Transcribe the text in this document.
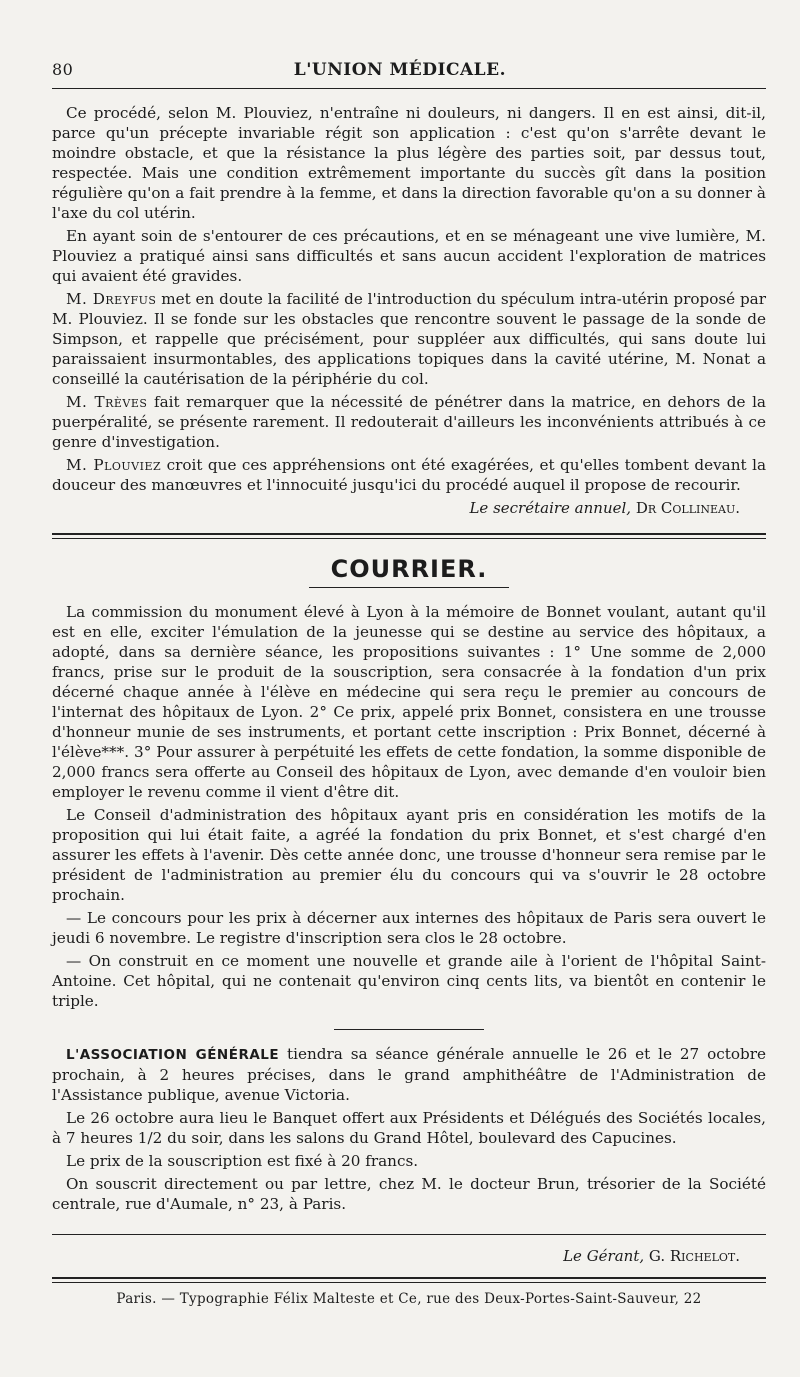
80	L'UNION MÉDICALE.

Ce procédé, selon M. Plouviez, n'entraîne ni douleurs, ni dangers. Il en est ainsi, dit-il, parce qu'un précepte invariable régit son application : c'est qu'on s'arrête devant le moindre obstacle, et que la résistance la plus légère des parties soit, par dessus tout, respectée. Mais une condition extrêmement importante du succès gît dans la position régulière qu'on a fait prendre à la femme, et dans la direction favorable qu'on a su donner à l'axe du col utérin.

En ayant soin de s'entourer de ces précautions, et en se ménageant une vive lumière, M. Plouviez a pratiqué ainsi sans difficultés et sans aucun accident l'exploration de matrices qui avaient été gravides.

M. Dreyfus met en doute la facilité de l'introduction du spéculum intra-utérin proposé par M. Plouviez. Il se fonde sur les obstacles que rencontre souvent le passage de la sonde de Simpson, et rappelle que précisément, pour suppléer aux difficultés, qui sans doute lui paraissaient insurmontables, des applications topiques dans la cavité utérine, M. Nonat a conseillé la cautérisation de la périphérie du col.

M. Trèves fait remarquer que la nécessité de pénétrer dans la matrice, en dehors de la puerpéralité, se présente rarement. Il redouterait d'ailleurs les inconvénients attribués à ce genre d'investigation.

M. Plouviez croit que ces appréhensions ont été exagérées, et qu'elles tombent devant la douceur des manœuvres et l'innocuité jusqu'ici du procédé auquel il propose de recourir.

Le secrétaire annuel, Dr Collineau.
COURRIER.

La commission du monument élevé à Lyon à la mémoire de Bonnet voulant, autant qu'il est en elle, exciter l'émulation de la jeunesse qui se destine au service des hôpitaux, a adopté, dans sa dernière séance, les propositions suivantes : 1° Une somme de 2,000 francs, prise sur le produit de la souscription, sera consacrée à la fondation d'un prix décerné chaque année à l'élève en médecine qui sera reçu le premier au concours de l'internat des hôpitaux de Lyon. 2° Ce prix, appelé prix Bonnet, consistera en une trousse d'honneur munie de ses instruments, et portant cette inscription : Prix Bonnet, décerné à l'élève***. 3° Pour assurer à perpétuité les effets de cette fondation, la somme disponible de 2,000 francs sera offerte au Conseil des hôpitaux de Lyon, avec demande d'en vouloir bien employer le revenu comme il vient d'être dit.

Le Conseil d'administration des hôpitaux ayant pris en considération les motifs de la proposition qui lui était faite, a agréé la fondation du prix Bonnet, et s'est chargé d'en assurer les effets à l'avenir. Dès cette année donc, une trousse d'honneur sera remise par le président de l'administration au premier élu du concours qui va s'ouvrir le 28 octobre prochain.

— Le concours pour les prix à décerner aux internes des hôpitaux de Paris sera ouvert le jeudi 6 novembre. Le registre d'inscription sera clos le 28 octobre.

— On construit en ce moment une nouvelle et grande aile à l'orient de l'hôpital Saint-Antoine. Cet hôpital, qui ne contenait qu'environ cinq cents lits, va bientôt en contenir le triple.

L'ASSOCIATION GÉNÉRALE tiendra sa séance générale annuelle le 26 et le 27 octobre prochain, à 2 heures précises, dans le grand amphithéâtre de l'Administration de l'Assistance publique, avenue Victoria.

Le 26 octobre aura lieu le Banquet offert aux Présidents et Délégués des Sociétés locales, à 7 heures 1/2 du soir, dans les salons du Grand Hôtel, boulevard des Capucines.

Le prix de la souscription est fixé à 20 francs.

On souscrit directement ou par lettre, chez M. le docteur Brun, trésorier de la Société centrale, rue d'Aumale, n° 23, à Paris.

Le Gérant, G. Richelot.
Paris. — Typographie Félix Malteste et Ce, rue des Deux-Portes-Saint-Sauveur, 22
